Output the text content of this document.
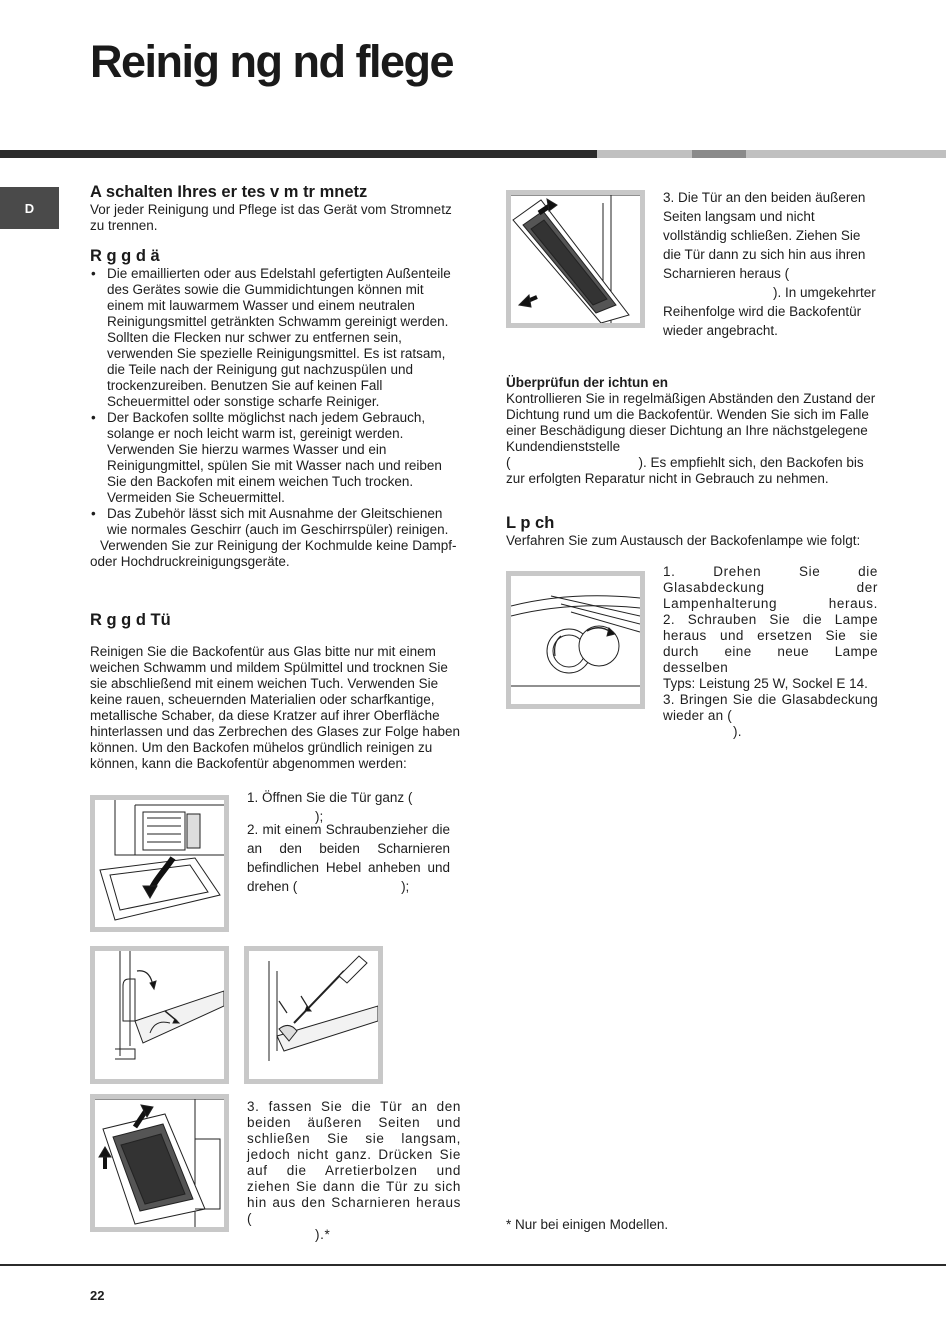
Reinig ng nd flege
D
A schalten Ihres er tes v m tr mnetz

Vor jeder Reinigung und Pflege ist das Gerät vom Stromnetz zu trennen.

R g g d ä
• Die emaillierten oder aus Edelstahl gefertigten Außenteile des Gerätes sowie die Gummidichtungen können mit einem mit lauwarmem Wasser und einem neutralen Reinigungsmittel getränkten Schwamm gereinigt werden. Sollten die Flecken nur schwer zu entfernen sein, verwenden Sie spezielle Reinigungsmittel. Es ist ratsam, die Teile nach der Reinigung gut nachzuspülen und trockenzureiben. Benutzen Sie auf keinen Fall Scheuermittel oder sonstige scharfe Reiniger.
• Der Backofen sollte möglichst nach jedem Gebrauch, solange er noch leicht warm ist, gereinigt werden. Verwenden Sie hierzu warmes Wasser und ein Reinigungmittel, spülen Sie mit Wasser nach und reiben Sie den Backofen mit einem weichen Tuch trocken. Vermeiden Sie Scheuermittel.
• Das Zubehör lässt sich mit Ausnahme der Gleitschienen wie normales Geschirr (auch im Geschirrspüler) reinigen.

Verwenden Sie zur Reinigung der Kochmulde keine Dampf- oder Hochdruckreinigungsgeräte.

R g g d Tü

Reinigen Sie die Backofentür aus Glas bitte nur mit einem weichen Schwamm und mildem Spülmittel und trocknen Sie sie abschließend mit einem weichen Tuch. Verwenden Sie keine rauen, scheuernden Materialien oder scharfkantige, metallische Schaber, da diese Kratzer auf ihrer Oberfläche hinterlassen und das Zerbrechen des Glases zur Folge haben können. Um den Backofen mühelos gründlich reinigen zu können, kann die Backofentür abgenommen werden:

1. Öffnen Sie die Tür ganz (
);

2. mit einem Schraubenzieher die an den beiden Scharnieren befindlichen Hebel anheben und drehen (	);

3. fassen Sie die Tür an den beiden äußeren Seiten und schließen Sie sie langsam, jedoch nicht ganz. Drücken Sie auf die Arretierbolzen und ziehen Sie dann die Tür zu sich hin aus den Scharnieren heraus (
).*

3. Die Tür an den beiden äußeren Seiten langsam und nicht vollständig schließen. Ziehen Sie die Tür dann zu sich hin aus ihren Scharnieren heraus ( ). In umgekehrter Reihenfolge wird die Backofentür wieder angebracht.

Überprüfun der ichtun en

Kontrollieren Sie in regelmäßigen Abständen den Zustand der Dichtung rund um die Backofentür. Wenden Sie sich im Falle einer Beschädigung dieser Dichtung an Ihre nächstgelegene Kundendienststelle
(	). Es empfiehlt sich, den Backofen bis zur erfolgten Reparatur nicht in Gebrauch zu nehmen.

L p ch

Verfahren Sie zum Austausch der Backofenlampe wie folgt:

1. Drehen Sie die Glasabdeckung der Lampenhalterung heraus.

2. Schrauben Sie die Lampe heraus und ersetzen Sie sie durch eine neue Lampe desselben

Typs: Leistung 25 W, Sockel E 14.

3. Bringen Sie die Glasabdeckung wieder an (
).

* Nur bei einigen Modellen.

22
